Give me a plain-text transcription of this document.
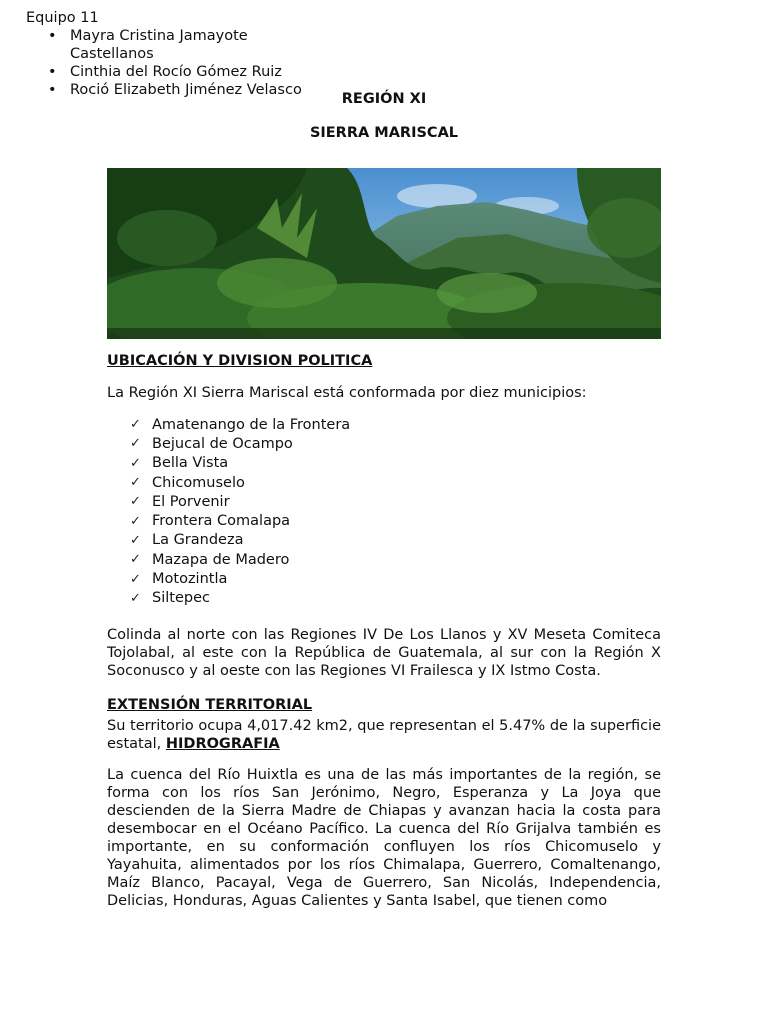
Equipo 11
• Mayra Cristina Jamayote Castellanos
• Cinthia del Rocío Gómez Ruiz
• Roció Elizabeth Jiménez Velasco
REGIÓN XI
SIERRA MARISCAL
UBICACIÓN Y DIVISION POLITICA
La Región XI Sierra Mariscal está conformada por diez municipios:
✓ Amatenango de la Frontera
✓ Bejucal de Ocampo
✓ Bella Vista
✓ Chicomuselo
✓ El Porvenir
✓ Frontera Comalapa
✓ La Grandeza
✓ Mazapa de Madero
✓ Motozintla
✓ Siltepec
Colinda al norte con las Regiones IV De Los Llanos y XV Meseta Comiteca Tojolabal, al este con la República de Guatemala, al sur con la Región X Soconusco y al oeste con las Regiones VI Frailesca y IX Istmo Costa.
EXTENSIÓN TERRITORIAL
Su territorio ocupa 4,017.42 km2, que representan el 5.47% de la superficie estatal, HIDROGRAFIA
La cuenca del Río Huixtla es una de las más importantes de la región, se forma con los ríos San Jerónimo, Negro, Esperanza y La Joya que descienden de la Sierra Madre de Chiapas y avanzan hacia la costa para desembocar en el Océano Pacífico. La cuenca del Río Grijalva también es importante, en su conformación confluyen los ríos Chicomuselo y Yayahuita, alimentados por los ríos Chimalapa, Guerrero, Comaltenango, Maíz Blanco, Pacayal, Vega de Guerrero, San Nicolás, Independencia, Delicias, Honduras, Aguas Calientes y Santa Isabel, que tienen como
